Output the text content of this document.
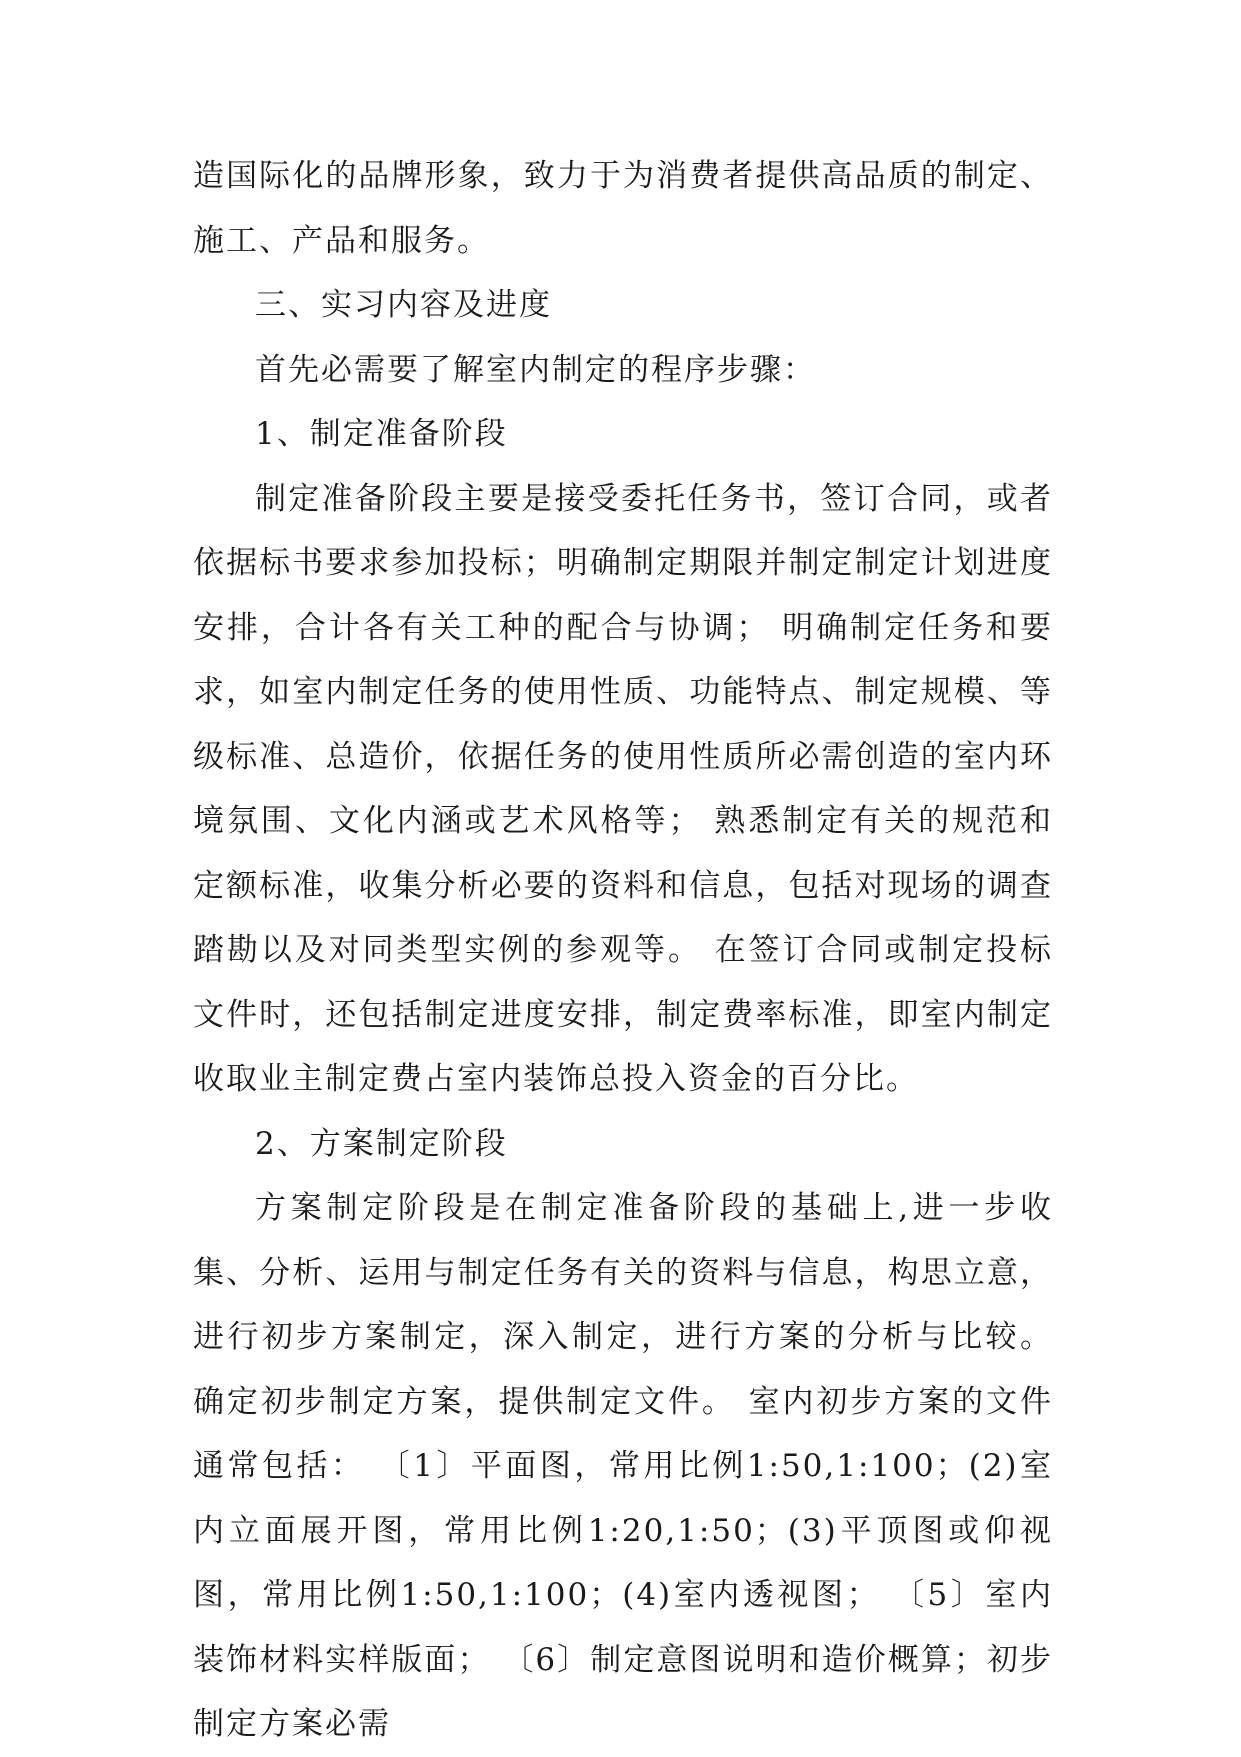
造国际化的品牌形象，致力于为消费者提供高品质的制定、施工、产品和服务。

三、实习内容及进度

首先必需要了解室内制定的程序步骤：

1、制定准备阶段

制定准备阶段主要是接受委托任务书，签订合同，或者依据标书要求参加投标；明确制定期限并制定制定计划进度安排，合计各有关工种的配合与协调； 明确制定任务和要求，如室内制定任务的使用性质、功能特点、制定规模、等级标准、总造价，依据任务的使用性质所必需创造的室内环境氛围、文化内涵或艺术风格等； 熟悉制定有关的规范和定额标准，收集分析必要的资料和信息，包括对现场的调查踏勘以及对同类型实例的参观等。 在签订合同或制定投标文件时，还包括制定进度安排，制定费率标准，即室内制定收取业主制定费占室内装饰总投入资金的百分比。

2、方案制定阶段

方案制定阶段是在制定准备阶段的基础上,进一步收集、分析、运用与制定任务有关的资料与信息，构思立意，进行初步方案制定，深入制定，进行方案的分析与比较。 确定初步制定方案，提供制定文件。 室内初步方案的文件通常包括： 〔1〕平面图，常用比例1:50,1:100；(2)室内立面展开图，常用比例1:20,1:50；(3)平顶图或仰视图，常用比例1:50,1:100；(4)室内透视图； 〔5〕室内装饰材料实样版面； 〔6〕制定意图说明和造价概算；初步制定方案必需
